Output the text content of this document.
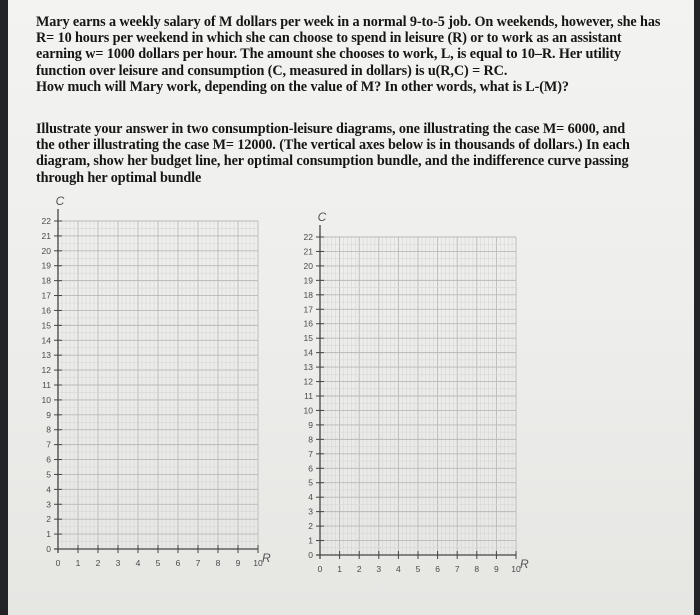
Mary earns a weekly salary of M dollars per week in a normal 9-to-5 job. On weekends, however, she has
R= 10 hours per weekend in which she can choose to spend in leisure (R) or to work as an assistant
earning w= 1000 dollars per hour. The amount she chooses to work, L, is equal to 10–R. Her utility
function over leisure and consumption (C, measured in dollars) is u(R,C) = RC.
How much will Mary work, depending on the value of M? In other words, what is L-(M)?
Illustrate your answer in two consumption-leisure diagrams, one illustrating the case M= 6000, and
the other illustrating the case M= 12000. (The vertical axes below is in thousands of dollars.) In each
diagram, show her budget line, her optimal consumption bundle, and the indifference curve passing
through her optimal bundle
0
1
2
3
4
5
6
7
8
9
10
11
12
13
14
15
16
17
18
19
20
21
22
0 1 2 3 4 5 6 7 8 9 10
C
R	0
1
2
3
4
5
6
7
8
9
10
11
12
13
14
15
16
17
18
19
20
21
22
0 1 2 3 4 5 6 7 8 9 10
C
R
